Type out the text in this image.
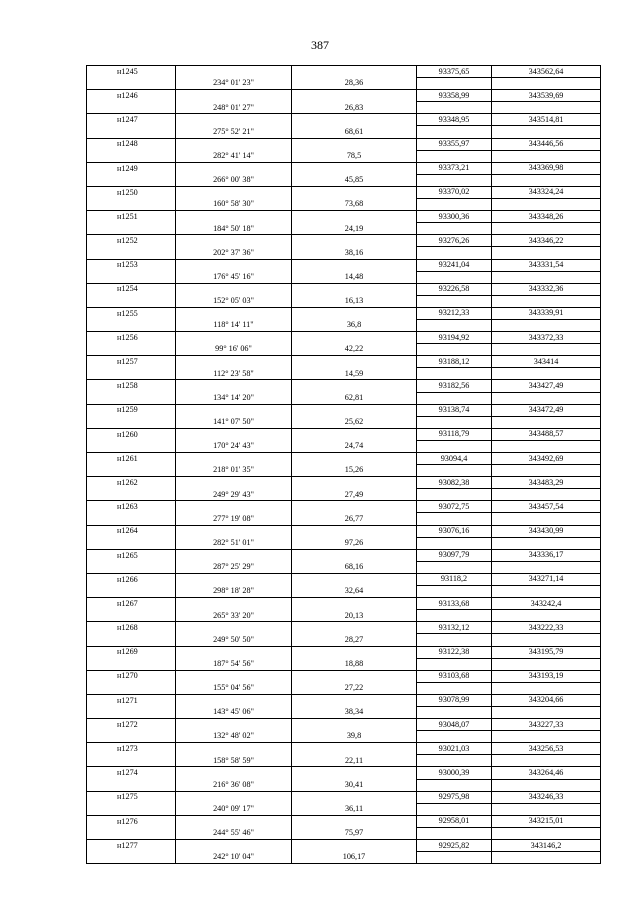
387
н1245			93375,65	343562,64
	234° 01' 23"	28,36		
н1246			93358,99	343539,69
	248° 01' 27"	26,83		
н1247			93348,95	343514,81
	275° 52' 21"	68,61		
н1248			93355,97	343446,56
	282° 41' 14"	78,5		
н1249			93373,21	343369,98
	266° 00' 38"	45,85		
н1250			93370,02	343324,24
	160° 58' 30"	73,68		
н1251			93300,36	343348,26
	184° 50' 18"	24,19		
н1252			93276,26	343346,22
	202° 37' 36"	38,16		
н1253			93241,04	343331,54
	176° 45' 16"	14,48		
н1254			93226,58	343332,36
	152° 05' 03"	16,13		
н1255			93212,33	343339,91
	118° 14' 11"	36,8		
н1256			93194,92	343372,33
	99° 16' 06"	42,22		
н1257			93188,12	343414
	112° 23' 58"	14,59		
н1258			93182,56	343427,49
	134° 14' 20"	62,81		
н1259			93138,74	343472,49
	141° 07' 50"	25,62		
н1260			93118,79	343488,57
	170° 24' 43"	24,74		
н1261			93094,4	343492,69
	218° 01' 35"	15,26		
н1262			93082,38	343483,29
	249° 29' 43"	27,49		
н1263			93072,75	343457,54
	277° 19' 08"	26,77		
н1264			93076,16	343430,99
	282° 51' 01"	97,26		
н1265			93097,79	343336,17
	287° 25' 29"	68,16		
н1266			93118,2	343271,14
	298° 18' 28"	32,64		
н1267			93133,68	343242,4
	265° 33' 20"	20,13		
н1268			93132,12	343222,33
	249° 50' 50"	28,27		
н1269			93122,38	343195,79
	187° 54' 56"	18,88		
н1270			93103,68	343193,19
	155° 04' 56"	27,22		
н1271			93078,99	343204,66
	143° 45' 06"	38,34		
н1272			93048,07	343227,33
	132° 48' 02"	39,8		
н1273			93021,03	343256,53
	158° 58' 59"	22,11		
н1274			93000,39	343264,46
	216° 36' 08"	30,41		
н1275			92975,98	343246,33
	240° 09' 17"	36,11		
н1276			92958,01	343215,01
	244° 55' 46"	75,97		
н1277			92925,82	343146,2
	242° 10' 04"	106,17		
